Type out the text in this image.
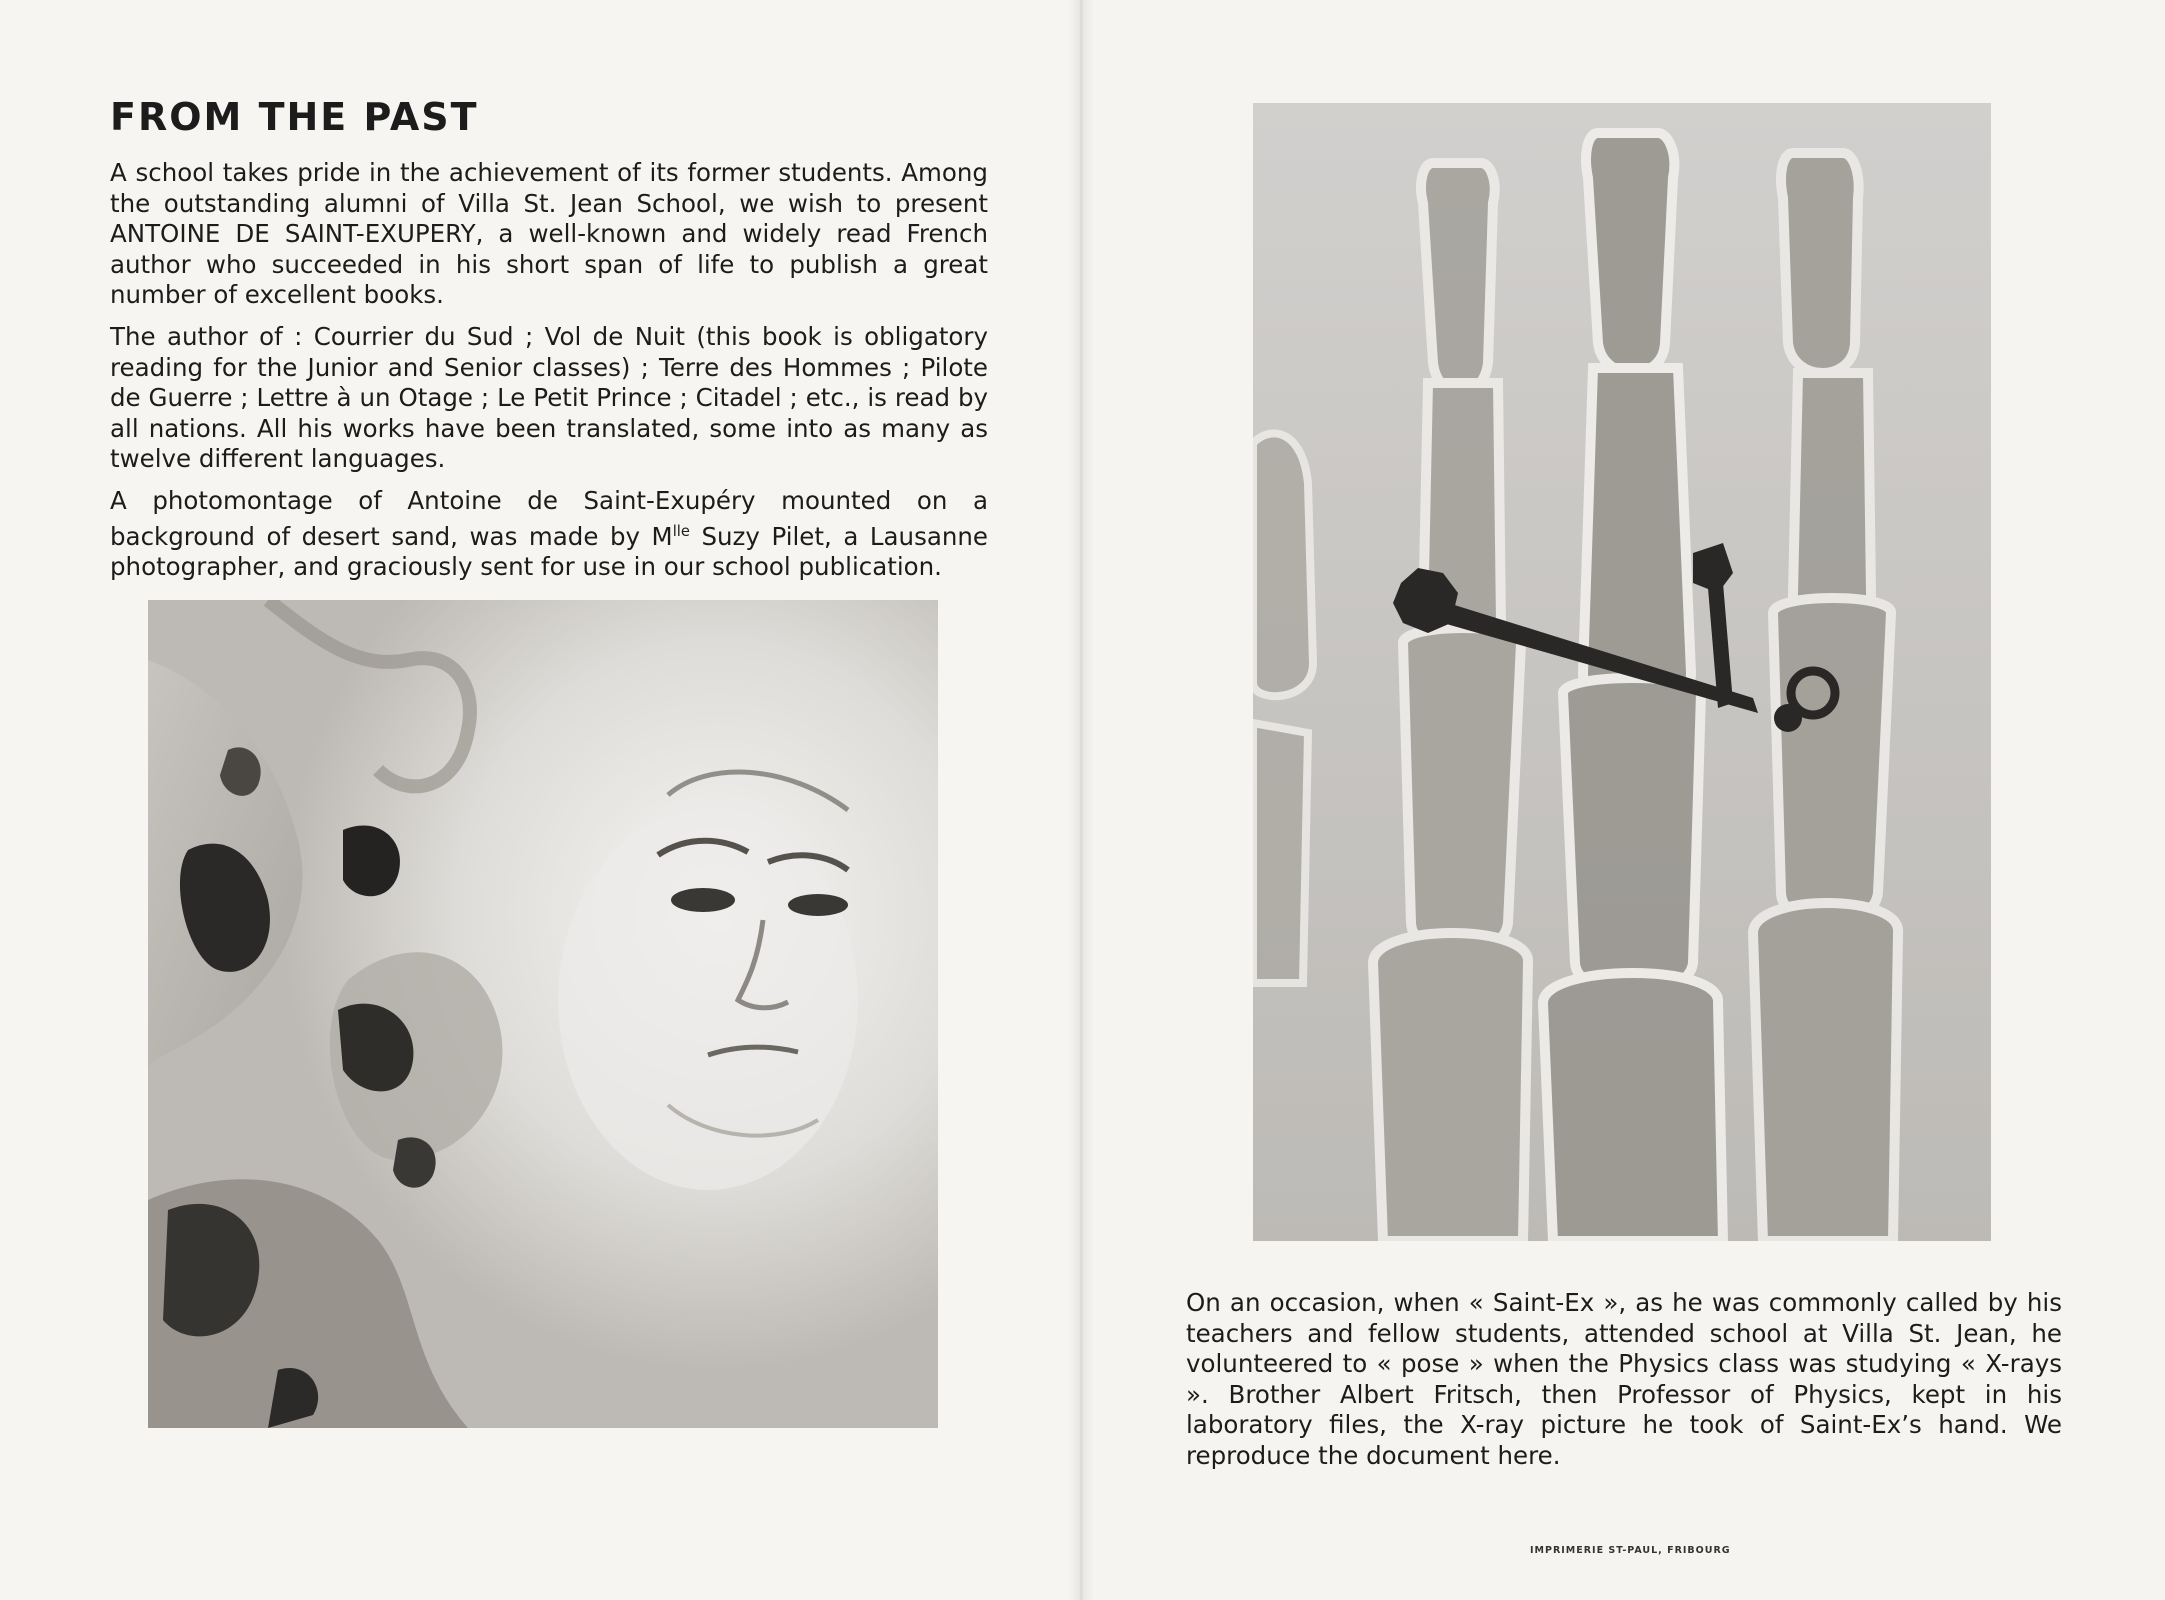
FROM THE PAST

A school takes pride in the achievement of its former students. Among the outstanding alumni of Villa St. Jean School, we wish to present ANTOINE DE SAINT-EXUPERY, a well-known and widely read French author who succeeded in his short span of life to publish a great number of excellent books.

The author of : Courrier du Sud ; Vol de Nuit (this book is obligatory reading for the Junior and Senior classes) ; Terre des Hommes ; Pilote de Guerre ; Lettre à un Otage ; Le Petit Prince ; Citadel ; etc., is read by all nations. All his works have been translated, some into as many as twelve different languages.

A photomontage of Antoine de Saint-Exupéry mounted on a background of desert sand, was made by $M^{lle}$ Suzy Pilet, a Lausanne photographer, and graciously sent for use in our school publication.

On an occasion, when « Saint-Ex », as he was commonly called by his teachers and fellow students, attended school at Villa St. Jean, he volunteered to « pose » when the Physics class was studying « X-rays ». Brother Albert Fritsch, then Professor of Physics, kept in his laboratory files, the X-ray picture he took of Saint-Ex’s hand. We reproduce the document here.

IMPRIMERIE ST-PAUL, FRIBOURG
